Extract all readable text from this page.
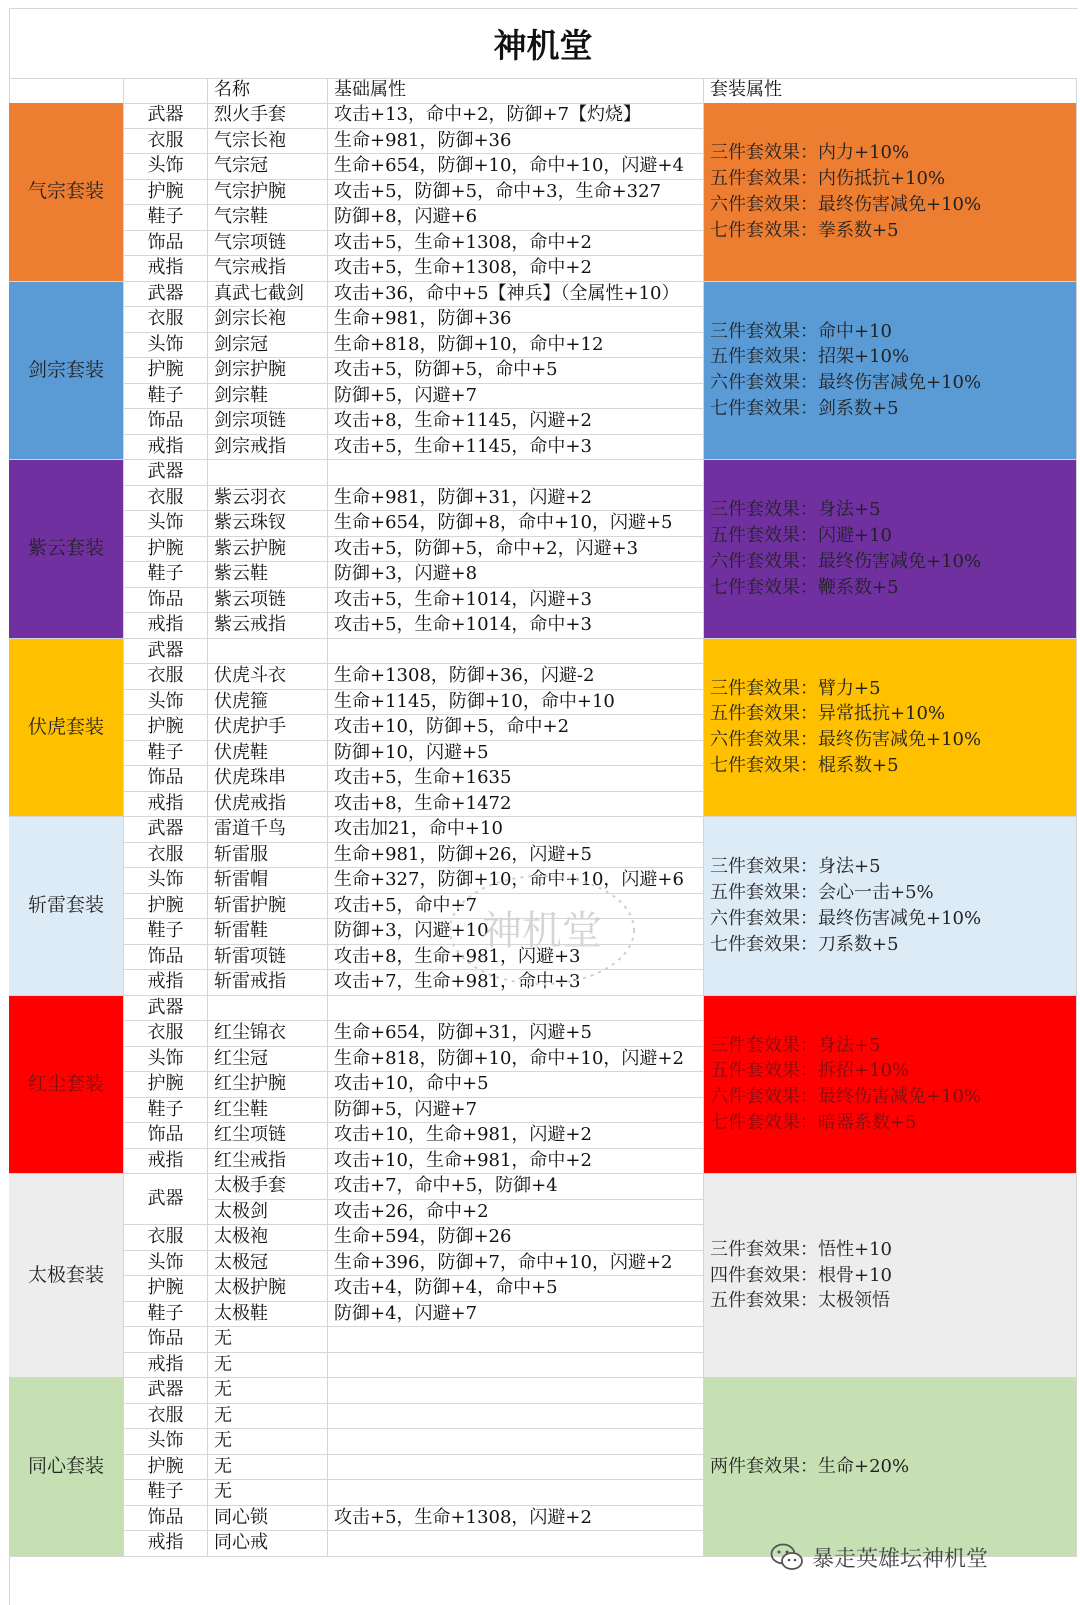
神机堂
名称	基础属性	套装属性
气宗套装
武器	烈火手套	攻击+13，命中+2，防御+7【灼烧】
衣服	气宗长袍	生命+981，防御+36
头饰	气宗冠	生命+654，防御+10，命中+10，闪避+4
护腕	气宗护腕	攻击+5，防御+5，命中+3，生命+327
鞋子	气宗鞋	防御+8，闪避+6
饰品	气宗项链	攻击+5，生命+1308，命中+2
戒指	气宗戒指	攻击+5，生命+1308，命中+2
三件套效果：内力+10%
五件套效果：内伤抵抗+10%
六件套效果：最终伤害减免+10%
七件套效果：拳系数+5
剑宗套装
武器	真武七截剑	攻击+36，命中+5【神兵】（全属性+10）
衣服	剑宗长袍	生命+981，防御+36
头饰	剑宗冠	生命+818，防御+10，命中+12
护腕	剑宗护腕	攻击+5，防御+5，命中+5
鞋子	剑宗鞋	防御+5，闪避+7
饰品	剑宗项链	攻击+8，生命+1145，闪避+2
戒指	剑宗戒指	攻击+5，生命+1145，命中+3
三件套效果：命中+10
五件套效果：招架+10%
六件套效果：最终伤害减免+10%
七件套效果：剑系数+5
紫云套装
武器
衣服	紫云羽衣	生命+981，防御+31，闪避+2
头饰	紫云珠钗	生命+654，防御+8，命中+10，闪避+5
护腕	紫云护腕	攻击+5，防御+5，命中+2，闪避+3
鞋子	紫云鞋	防御+3，闪避+8
饰品	紫云项链	攻击+5，生命+1014，闪避+3
戒指	紫云戒指	攻击+5，生命+1014，命中+3
三件套效果：身法+5
五件套效果：闪避+10
六件套效果：最终伤害减免+10%
七件套效果：鞭系数+5
伏虎套装
武器
衣服	伏虎斗衣	生命+1308，防御+36，闪避-2
头饰	伏虎箍	生命+1145，防御+10，命中+10
护腕	伏虎护手	攻击+10，防御+5，命中+2
鞋子	伏虎鞋	防御+10，闪避+5
饰品	伏虎珠串	攻击+5，生命+1635
戒指	伏虎戒指	攻击+8，生命+1472
三件套效果：臂力+5
五件套效果：异常抵抗+10%
六件套效果：最终伤害减免+10%
七件套效果：棍系数+5
斩雷套装
武器	雷道千鸟	攻击加21，命中+10
衣服	斩雷服	生命+981，防御+26，闪避+5
头饰	斩雷帽	生命+327，防御+10，命中+10，闪避+6
护腕	斩雷护腕	攻击+5，命中+7
鞋子	斩雷鞋	防御+3，闪避+10
饰品	斩雷项链	攻击+8，生命+981，闪避+3
戒指	斩雷戒指	攻击+7，生命+981，命中+3
三件套效果：身法+5
五件套效果：会心一击+5%
六件套效果：最终伤害减免+10%
七件套效果：刀系数+5
红尘套装
武器
衣服	红尘锦衣	生命+654，防御+31，闪避+5
头饰	红尘冠	生命+818，防御+10，命中+10，闪避+2
护腕	红尘护腕	攻击+10，命中+5
鞋子	红尘鞋	防御+5，闪避+7
饰品	红尘项链	攻击+10，生命+981，闪避+2
戒指	红尘戒指	攻击+10，生命+981，命中+2
三件套效果：身法+5
五件套效果：拆招+10%
六件套效果：最终伤害减免+10%
七件套效果：暗器系数+5
太极套装
武器
太极手套	攻击+7，命中+5，防御+4
太极剑	攻击+26，命中+2
衣服	太极袍	生命+594，防御+26
头饰	太极冠	生命+396，防御+7，命中+10，闪避+2
护腕	太极护腕	攻击+4，防御+4，命中+5
鞋子	太极鞋	防御+4，闪避+7
饰品	无
戒指	无
三件套效果：悟性+10
四件套效果：根骨+10
五件套效果：太极领悟
同心套装
武器	无
衣服	无
头饰	无
护腕	无
鞋子	无
饰品	同心锁	攻击+5，生命+1308，闪避+2
戒指	同心戒
两件套效果：生命+20%
神机堂
暴走英雄坛神机堂
